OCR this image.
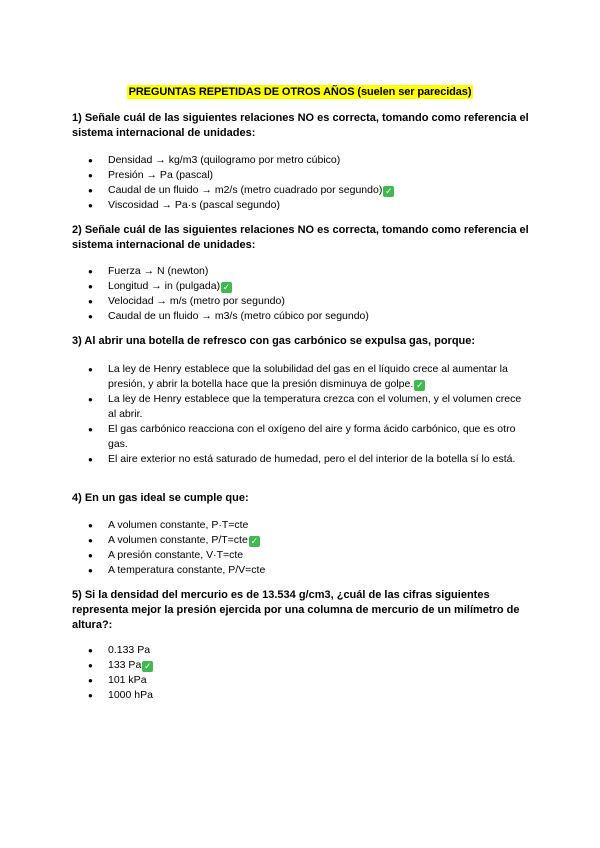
PREGUNTAS REPETIDAS DE OTROS AÑOS (suelen ser parecidas)
1) Señale cuál de las siguientes relaciones NO es correcta, tomando como referencia el sistema internacional de unidades:
● Densidad → kg/m3 (quilogramo por metro cúbico)
● Presión → Pa (pascal)
● Caudal de un fluido → m2/s (metro cuadrado por segundo) ✓
● Viscosidad → Pa·s (pascal segundo)
2) Señale cuál de las siguientes relaciones NO es correcta, tomando como referencia el sistema internacional de unidades:
● Fuerza → N (newton)
● Longitud → in (pulgada) ✓
● Velocidad → m/s (metro por segundo)
● Caudal de un fluido → m3/s (metro cúbico por segundo)
3) Al abrir una botella de refresco con gas carbónico se expulsa gas, porque:
● La ley de Henry establece que la solubilidad del gas en el líquido crece al aumentar la presión, y abrir la botella hace que la presión disminuya de golpe. ✓
● La ley de Henry establece que la temperatura crezca con el volumen, y el volumen crece al abrir.
● El gas carbónico reacciona con el oxígeno del aire y forma ácido carbónico, que es otro gas.
● El aire exterior no está saturado de humedad, pero el del interior de la botella sí lo está.
4) En un gas ideal se cumple que:
● A volumen constante, P·T=cte
● A volumen constante, P/T=cte ✓
● A presión constante, V·T=cte
● A temperatura constante, P/V=cte
5) Si la densidad del mercurio es de 13.534 g/cm3, ¿cuál de las cifras siguientes representa mejor la presión ejercida por una columna de mercurio de un milímetro de altura?:
● 0.133 Pa
● 133 Pa ✓
● 101 kPa
● 1000 hPa
